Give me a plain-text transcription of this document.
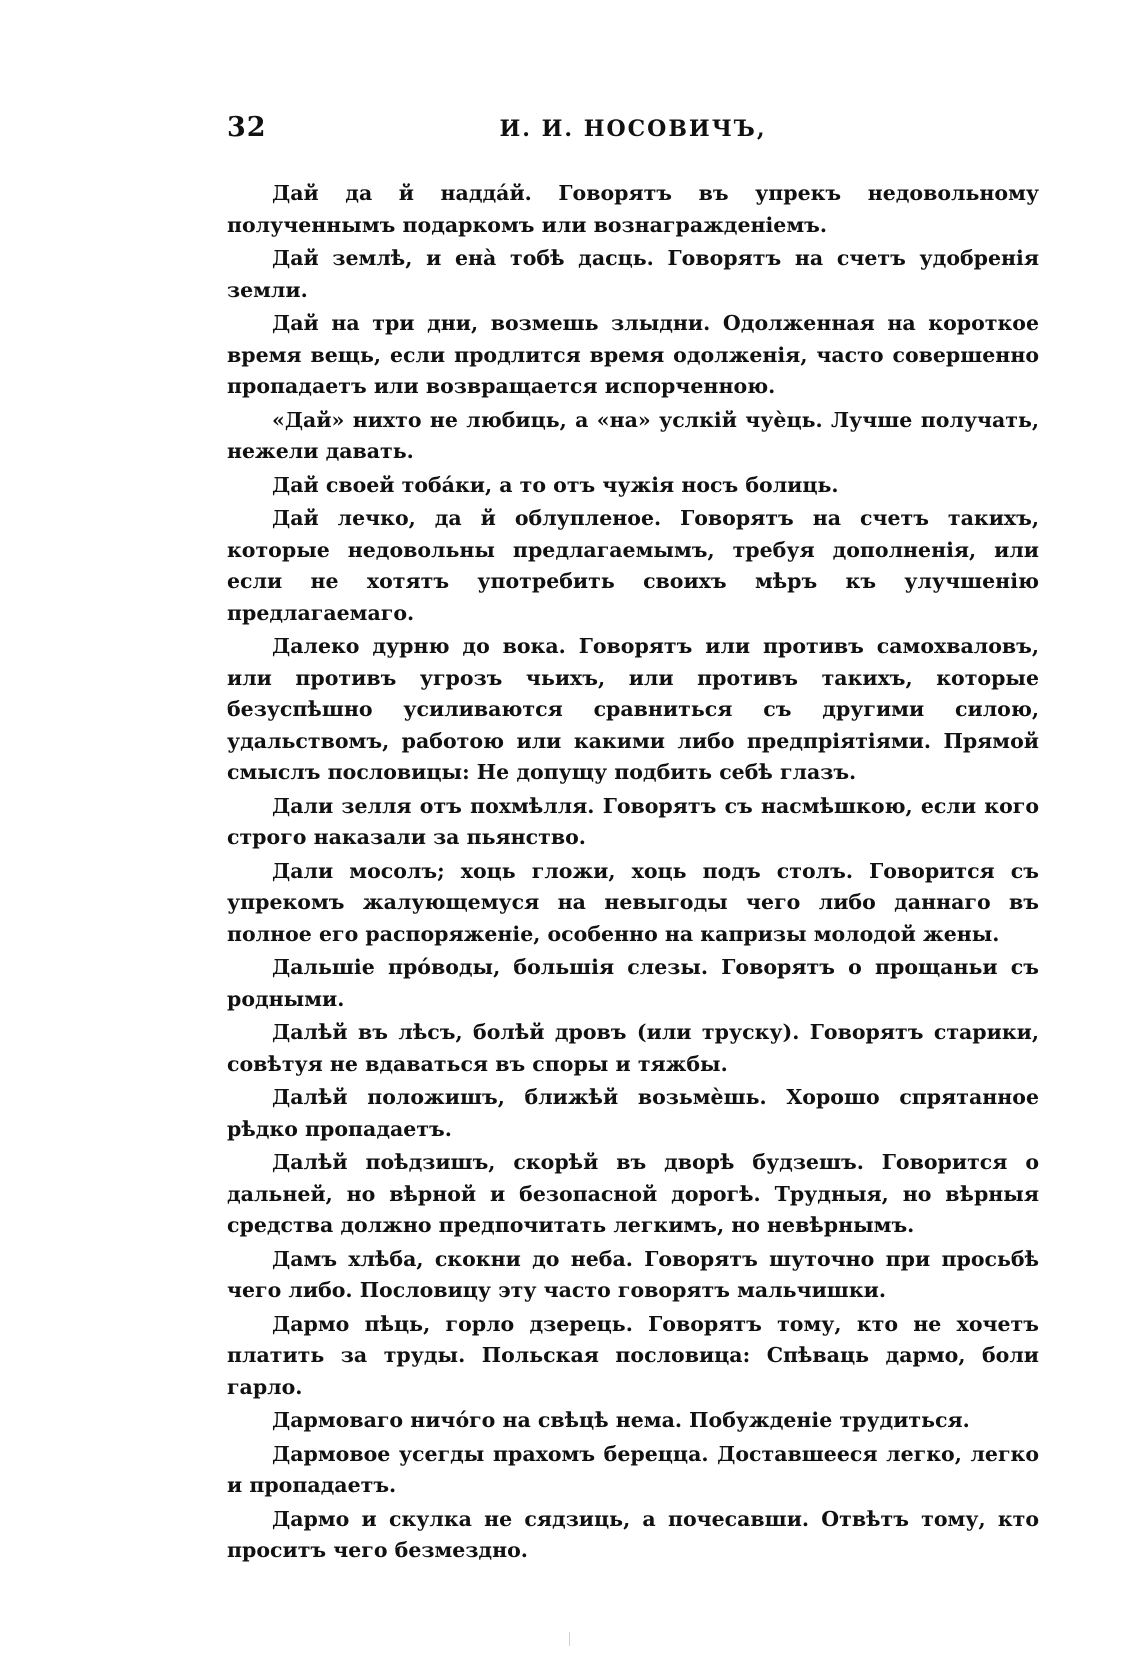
32	И. И. НОСОВИЧЪ,

Дай да й наддáй. Говорятъ въ упрекъ недовольному полученнымъ подаркомъ или вознагражденіемъ.

Дай землѣ, и енà тобѣ дасць. Говорятъ на счетъ удобренія земли.

Дай на три дни, возмешь злыдни. Одолженная на короткое время вещь, если продлится время одолженія, часто совершенно пропадаетъ или возвращается испорченною.

«Дай» нихто не любиць, а «на» услкій чуѐць. Лучше получать, нежели давать.

Дай своей тобáки, а то отъ чужія носъ болиць.

Дай лечко, да й облупленое. Говорятъ на счетъ такихъ, которые недовольны предлагаемымъ, требуя дополненія, или если не хотятъ употребить своихъ мѣръ къ улучшенію предлагаемаго.

Далеко дурню до вока. Говорятъ или противъ самохваловъ, или противъ угрозъ чьихъ, или противъ такихъ, которые безуспѣшно усиливаются сравниться съ другими силою, удальствомъ, работою или какими либо предпріятіями. Прямой смыслъ пословицы: Не допущу подбить себѣ глазъ.

Дали зелля отъ похмѣлля. Говорятъ съ насмѣшкою, если кого строго наказали за пьянство.

Дали мосолъ; хоць гложи, хоць подъ столъ. Говорится съ упрекомъ жалующемуся на невыгоды чего либо даннаго въ полное его распоряженіе, особенно на капризы молодой жены.

Дальшіе прóводы, большія слезы. Говорятъ о прощаньи съ родными.

Далѣй въ лѣсъ, болѣй дровъ (или труску). Говорятъ старики, совѣтуя не вдаваться въ споры и тяжбы.

Далѣй положишъ, ближѣй возьмѐшь. Хорошо спрятанное рѣдко пропадаетъ.

Далѣй поѣдзишъ, скорѣй въ дворѣ будзешъ. Говорится о дальней, но вѣрной и безопасной дорогѣ. Трудныя, но вѣрныя средства должно предпочитать легкимъ, но невѣрнымъ.

Дамъ хлѣба, скокни до неба. Говорятъ шуточно при просьбѣ чего либо. Пословицу эту часто говорятъ мальчишки.

Дармо пѣць, горло дзерець. Говорятъ тому, кто не хочетъ платить за труды. Польская пословица: Спѣваць дармо, боли гарло.

Дармоваго ничóго на свѣцѣ нема. Побужденіе трудиться.

Дармовое усегды прахомъ берецца. Доставшееся легко, легко и пропадаетъ.

Дармо и скулка не сядзиць, а почесавши. Отвѣтъ тому, кто проситъ чего безмездно.
